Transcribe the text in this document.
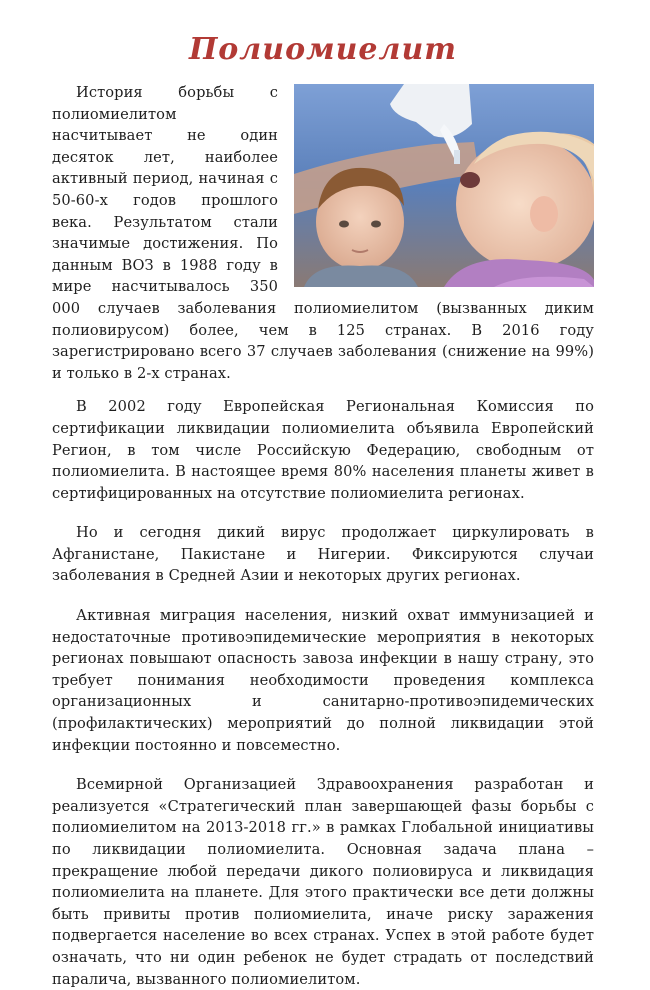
Полиомиелит

История борьбы с полиомиелитом насчитывает не один десяток лет, наиболее активный период, начиная с 50-60-х годов прошлого века. Результатом стали значимые достижения. По данным ВОЗ в 1988 году в мире насчитывалось 350 000 случаев заболевания полиомиелитом (вызванных диким полиовирусом) более, чем в 125 странах. В 2016 году зарегистрировано всего 37 случаев заболевания (снижение на 99%) и только в 2-х странах.

В 2002 году Европейская Региональная Комиссия по сертификации ликвидации полиомиелита объявила Европейский Регион, в том числе Российскую Федерацию, свободным от полиомиелита. В настоящее время 80% населения планеты живет в сертифицированных на отсутствие полиомиелита регионах.

Но и сегодня дикий вирус продолжает циркулировать в Афганистане, Пакистане и Нигерии. Фиксируются случаи заболевания в Средней Азии и некоторых других регионах.

Активная миграция населения, низкий охват иммунизацией и недостаточные противоэпидемические мероприятия в некоторых регионах повышают опасность завоза инфекции в нашу страну, это требует понимания необходимости проведения комплекса организационных и санитарно-противоэпидемических (профилактических) мероприятий до полной ликвидации этой инфекции постоянно и повсеместно.

Всемирной Организацией Здравоохранения разработан и реализуется «Стратегический план завершающей фазы борьбы с полиомиелитом на 2013-2018 гг.» в рамках Глобальной инициативы по ликвидации полиомиелита. Основная задача плана – прекращение любой передачи дикого полиовируса и ликвидация полиомиелита на планете. Для этого практически все дети должны быть привиты против полиомиелита, иначе риску заражения подвергается население во всех странах. Успех в этой работе будет означать, что ни один ребенок не будет страдать от последствий паралича, вызванного полиомиелитом.
